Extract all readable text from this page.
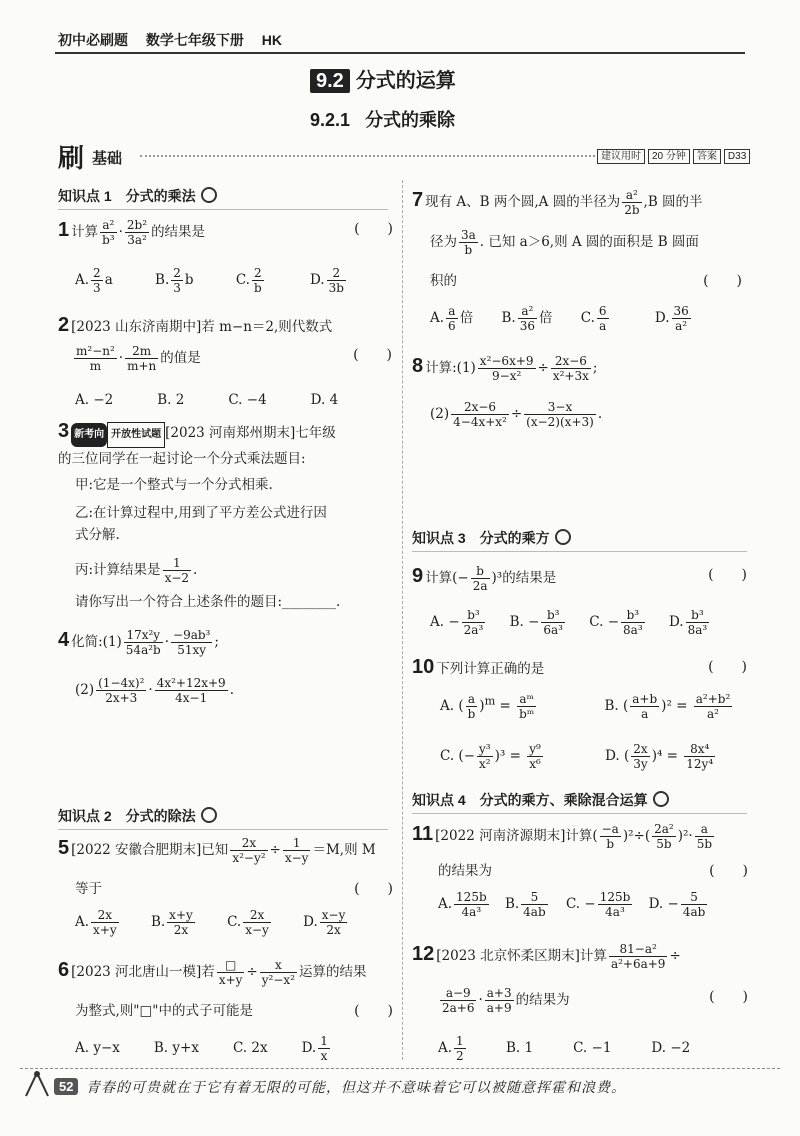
初中必刷题 数学七年级下册 HK
9.2 分式的运算
9.2.1 分式的乘除
刷 基础	建议用时 20 分钟 答案 D33
知识点 1　分式的乘法
1 计算 $\frac{\text{a²}}{\text{b³}} \cdot \frac{\text{2b²}}{\text{3a²}}$ 的结果是	(　　)
A. $\frac{2}{3}$ a	B. $\frac{2}{3}$ b	C. $\frac{2}{b}$	D. $\frac{2}{3b}$
2 [2023 山东济南期中]若 m−n＝2,则代数式
$\frac{\text{m²−n²}}{m} \cdot \frac{2m}{m+n}$ 的值是	(　　)
A. −2	B. 2	C. −4	D. 4
3 新考向 开放性试题 [2023 河南郑州期末]七年级
的三位同学在一起讨论一个分式乘法题目:
甲:它是一个整式与一个分式相乘.
乙:在计算过程中,用到了平方差公式进行因
式分解.
丙:计算结果是 $\frac{1}{x-2}$ .
请你写出一个符合上述条件的题目:________.
4 化简:(1) $\frac{\text{17x²y}}{\text{54a²b}} \cdot \frac{\text{−9ab³}}{51xy}$ ;
$(2) \frac{\text{(1−4x)²}}{2x+3} \cdot \frac{\text{4x²+12x+9}}{4x-1}$ .
知识点 2　分式的除法
5 [2022 安徽合肥期末]已知 $\frac{2x}{\text{x²−y²}} \div \frac{1}{x-y} =M$,则 M
等于	(　　)
A. $\frac{2x}{x+y} B$. $\frac{x+y}{2x} C$. $\frac{2x}{x-y} D$. $\frac{x-y}{2x}$
6 [2023 河北唐山一模]若 $\frac{□}{x+y} \div \frac{x}{\text{y²−x²}}$ 运算的结果
为整式,则"□"中的式子可能是	(　　)
A. y−x	B. y+x	C. 2x	D. $\frac{1}{x}$
7 现有 A、B 两个圆,A 圆的半径为 $\frac{\text{a²}}{2b} ,B$ 圆的半
径为 $\frac{3a}{b}$ . 已知 a＞6,则 A 圆的面积是 B 圆面
积的	(　　)
A. $\frac{a}{6}$ 倍 B. $\frac{\text{a²}}{36}$ 倍 C. $\frac{6}{a}$	D. $\frac{36}{\text{a²}}$
8 计算:(1) $\frac{\text{x²−6x+9}}{\text{9−x²}} \div \frac{2x-6}{\text{x²+3x}}$ ;
$(2) \frac{2x-6}{\text{4−4x+x²}} \div \frac{3-x}{(x-2)(x+3)}$ .
知识点 3　分式的乘方
9 计算(− $\frac{b}{2a} )^3$的结果是	(　　)
A. − $\frac{\text{b³}}{\text{2a³}} B$. − $\frac{\text{b³}}{\text{6a³}} C$. − $\frac{\text{b³}}{\text{8a³}} D$. $\frac{\text{b³}}{\text{8a³}}$
10 下列计算正确的是	(　　)
A. ( $\frac{a}{b} )^m = \frac{\text{aᵐ}}{\text{bᵐ}}$	B. ( $\frac{a+b}{a} )^2 = \frac{\text{a²+b²}}{\text{a²}}$
C. (− $\frac{\text{y³}}{\text{x²}} )^3 = \frac{\text{y⁹}}{\text{x⁶}}$	D. ( $\frac{2x}{3y} )^4 = \frac{\text{8x⁴}}{\text{12y⁴}}$
知识点 4　分式的乘方、乘除混合运算
11 [2022 河南济源期末]计算( $\frac{-a}{b} )^2\div( \frac{\text{2a²}}{5b} )^2\cdot \frac{a}{5b}$
的结果为	(　　)
A. $\frac{125b}{\text{4a³}} B$. $\frac{5}{4ab} C$. − $\frac{125b}{\text{4a³}} D$. − $\frac{5}{4ab}$
12 [2023 北京怀柔区期末]计算 $\frac{\text{81−a²}}{\text{a²+6a+9}}$ ÷
$\frac{a-9}{2a+6} \cdot \frac{a+3}{a+9}$ 的结果为	(　　)
A. $\frac{1}{2}$	B. 1	C. −1	D. −2
52 青春的可贵就在于它有着无限的可能，但这并不意味着它可以被随意挥霍和浪费。
